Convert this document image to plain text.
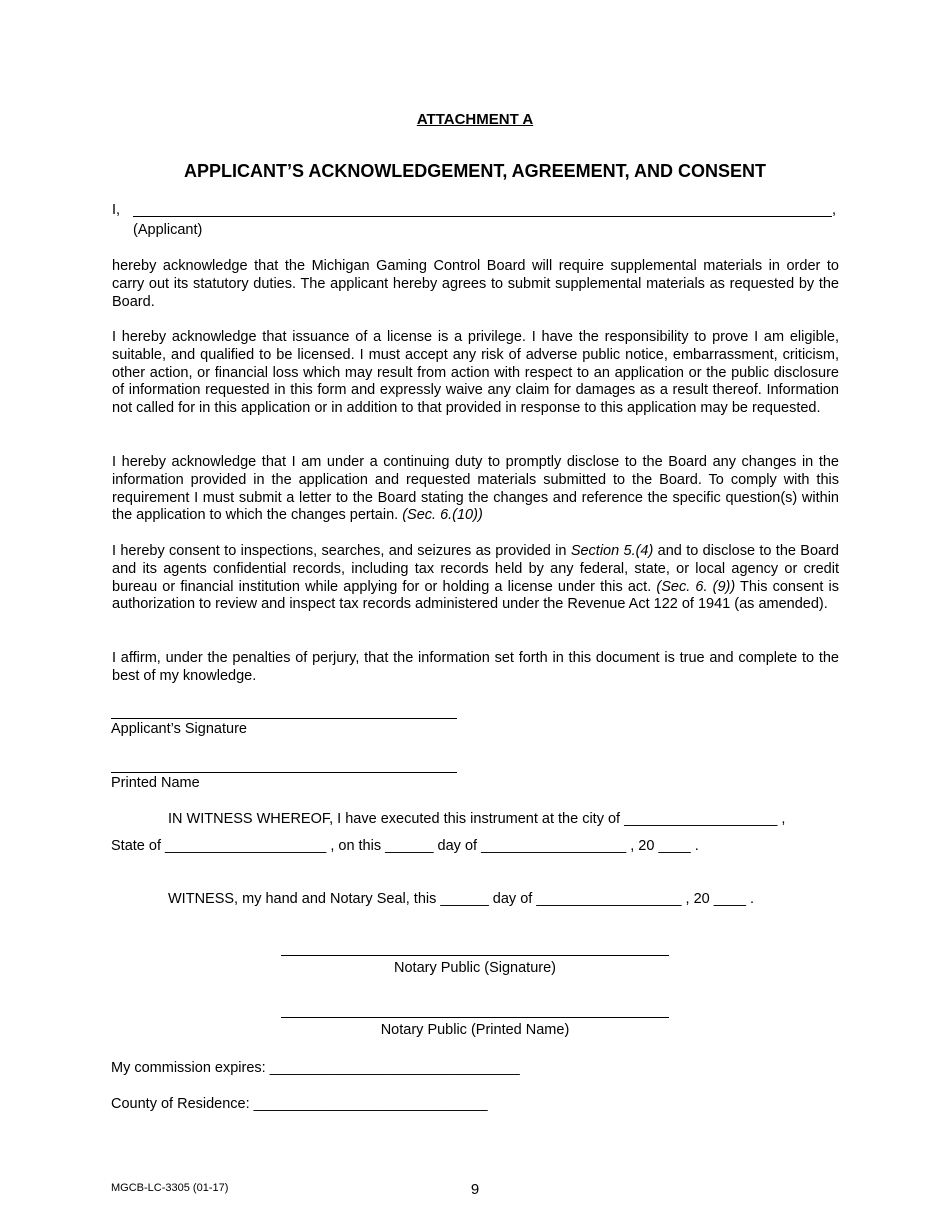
ATTACHMENT A
APPLICANT’S ACKNOWLEDGEMENT, AGREEMENT, AND CONSENT
I,	,
(Applicant)
hereby acknowledge that the Michigan Gaming Control Board will require supplemental materials in order to carry out its statutory duties. The applicant hereby agrees to submit supplemental materials as requested by the Board.
I hereby acknowledge that issuance of a license is a privilege. I have the responsibility to prove I am eligible, suitable, and qualified to be licensed. I must accept any risk of adverse public notice, embarrassment, criticism, other action, or financial loss which may result from action with respect to an application or the public disclosure of information requested in this form and expressly waive any claim for damages as a result thereof. Information not called for in this application or in addition to that provided in response to this application may be requested.
I hereby acknowledge that I am under a continuing duty to promptly disclose to the Board any changes in the information provided in the application and requested materials submitted to the Board. To comply with this requirement I must submit a letter to the Board stating the changes and reference the specific question(s) within the application to which the changes pertain. (Sec. 6.(10))
I hereby consent to inspections, searches, and seizures as provided in Section 5.(4) and to disclose to the Board and its agents confidential records, including tax records held by any federal, state, or local agency or credit bureau or financial institution while applying for or holding a license under this act. (Sec. 6. (9)) This consent is authorization to review and inspect tax records administered under the Revenue Act 122 of 1941 (as amended).
I affirm, under the penalties of perjury, that the information set forth in this document is true and complete to the best of my knowledge.
Applicant’s Signature
Printed Name
IN WITNESS WHEREOF, I have executed this instrument at the city of ___________________ ,
State of ____________________ , on this ______ day of __________________ , 20 ____ .
WITNESS, my hand and Notary Seal, this ______ day of __________________ , 20 ____ .
Notary Public (Signature)
Notary Public (Printed Name)
My commission expires: _______________________________
County of Residence: _____________________________
MGCB-LC-3305 (01-17)	9
